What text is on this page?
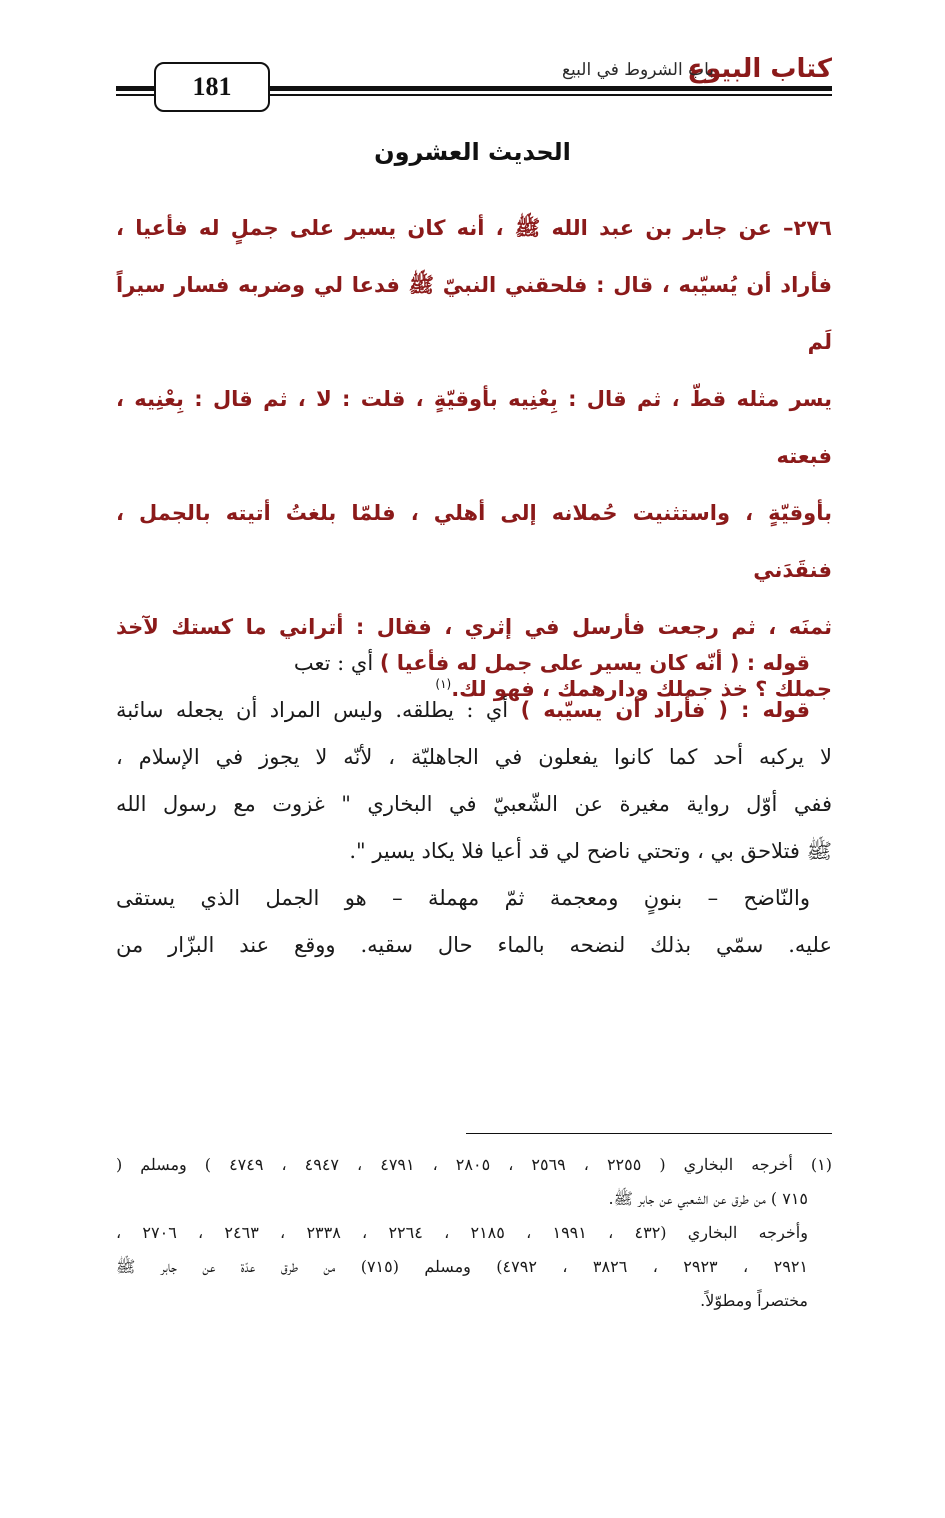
كتاب البيوع
باب الشروط في البيع
181
الحديث العشرون
٢٧٦– عن جابر بن عبد الله ﷺ ، أنه كان يسير على جملٍ له فأعيا ،
فأراد أن يُسيّبه ، قال : فلحقني النبيّ ﷺ فدعا لي وضربه فسار سيراً لَم
يسر مثله قطّ ، ثم قال : بِعْنِيه بأوقيّةٍ ، قلت : لا ، ثم قال : بِعْنِيه ، فبعته
بأوقيّةٍ ، واستثنيت حُملانه إلى أهلي ، فلمّا بلغتُ أتيته بالجمل ، فنقَدَني
ثمنَه ، ثم رجعت فأرسل في إثري ، فقال : أتراني ما كستك لآخذ
جملك ؟ خذ جملك ودارهمك ، فهو لك.$^{(١)}$
قوله : ( أنّه كان يسير على جمل له فأعيا ) أي : تعب
قوله : ( فأراد أن يسيّبه ) أي : يطلقه. وليس المراد أن يجعله سائبة
لا يركبه أحد كما كانوا يفعلون في الجاهليّة ، لأنّه لا يجوز في الإسلام ،
ففي أوّل رواية مغيرة عن الشّعبيّ في البخاري " غزوت مع رسول الله
ﷺ فتلاحق بي ، وتحتي ناضح لي قد أعيا فلا يكاد يسير ".
والنّاضح – بنونٍ ومعجمة ثمّ مهملة – هو الجمل الذي يستقى
عليه. سمّي بذلك لنضحه بالماء حال سقيه. ووقع عند البزّار من
(١) أخرجه البخاري ( ٢٢٥٥ ، ٢٥٦٩ ، ٢٨٠٥ ، ٤٧٩١ ، ٤٩٤٧ ، ٤٧٤٩ ) ومسلم (
٧١٥ ) من طرق عن الشعبي عن جابر ﷺ.
وأخرجه البخاري (٤٣٢ ، ١٩٩١ ، ٢١٨٥ ، ٢٢٦٤ ، ٢٣٣٨ ، ٢٤٦٣ ، ٢٧٠٦ ،
٢٩٢١ ، ٢٩٢٣ ، ٣٨٢٦ ، ٤٧٩٢) ومسلم (٧١٥) من طرق عدّة عن جابر ﷺ
مختصراً ومطوّلاً.
